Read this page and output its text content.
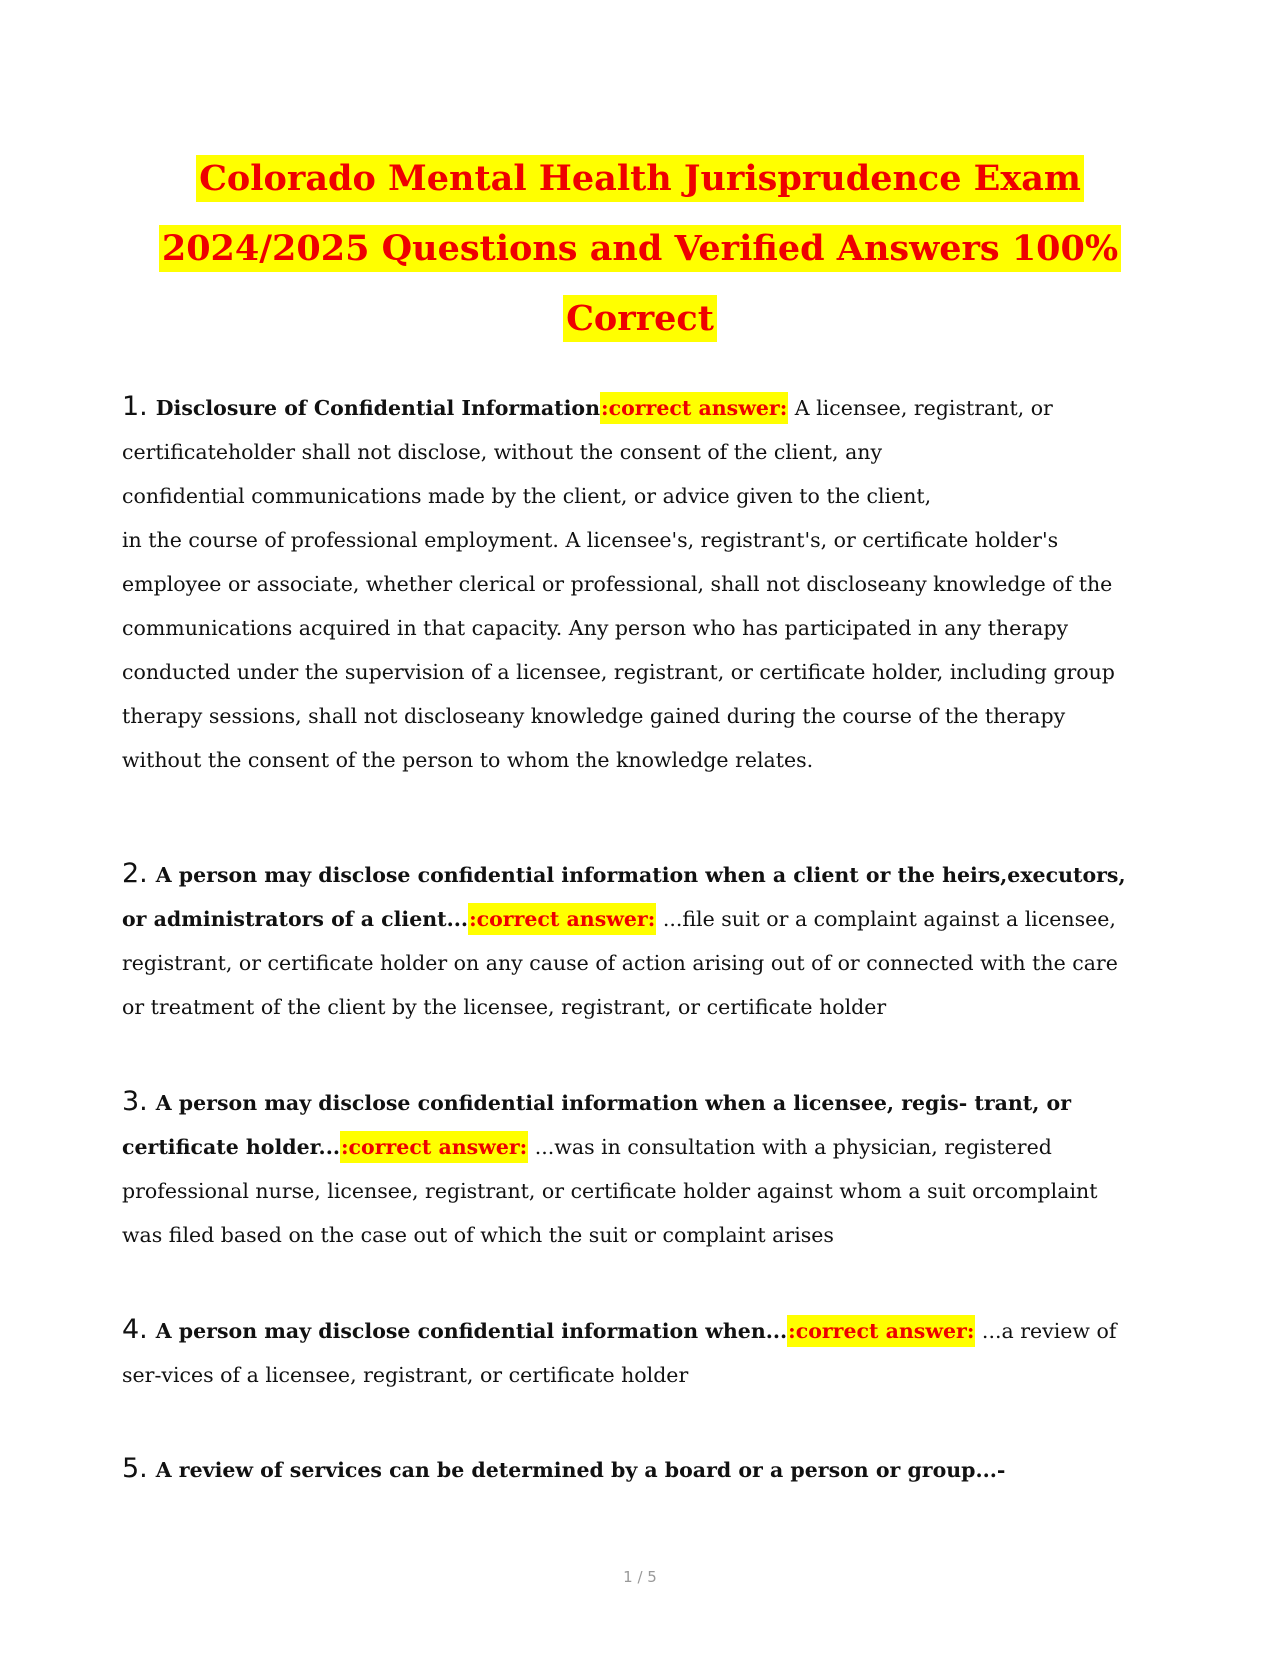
Colorado Mental Health Jurisprudence Exam
2024/2025 Questions and Verified Answers 100%
Correct
1. Disclosure of Confidential Information:correct answer: A licensee, registrant, or
certificateholder shall not disclose, without the consent of the client, any
confidential communications made by the client, or advice given to the client,
in the course of professional employment. A licensee's, registrant's, or certificate holder's
employee or associate, whether clerical or professional, shall not discloseany knowledge of the
communications acquired in that capacity. Any person who has participated in any therapy
conducted under the supervision of a licensee, registrant, or certificate holder, including group
therapy sessions, shall not discloseany knowledge gained during the course of the therapy
without the consent of the person to whom the knowledge relates.
2. A person may disclose confidential information when a client or the heirs,executors,
or administrators of a client...:correct answer: ...file suit or a complaint against a licensee,
registrant, or certificate holder on any cause of action arising out of or connected with the care
or treatment of the client by the licensee, registrant, or certificate holder
3. A person may disclose confidential information when a licensee, regis- trant, or
certificate holder...:correct answer: ...was in consultation with a physician, registered
professional nurse, licensee, registrant, or certificate holder against whom a suit orcomplaint
was filed based on the case out of which the suit or complaint arises
4. A person may disclose confidential information when...:correct answer: ...a review of
ser-vices of a licensee, registrant, or certificate holder
5. A review of services can be determined by a board or a person or group...-
1 / 5
